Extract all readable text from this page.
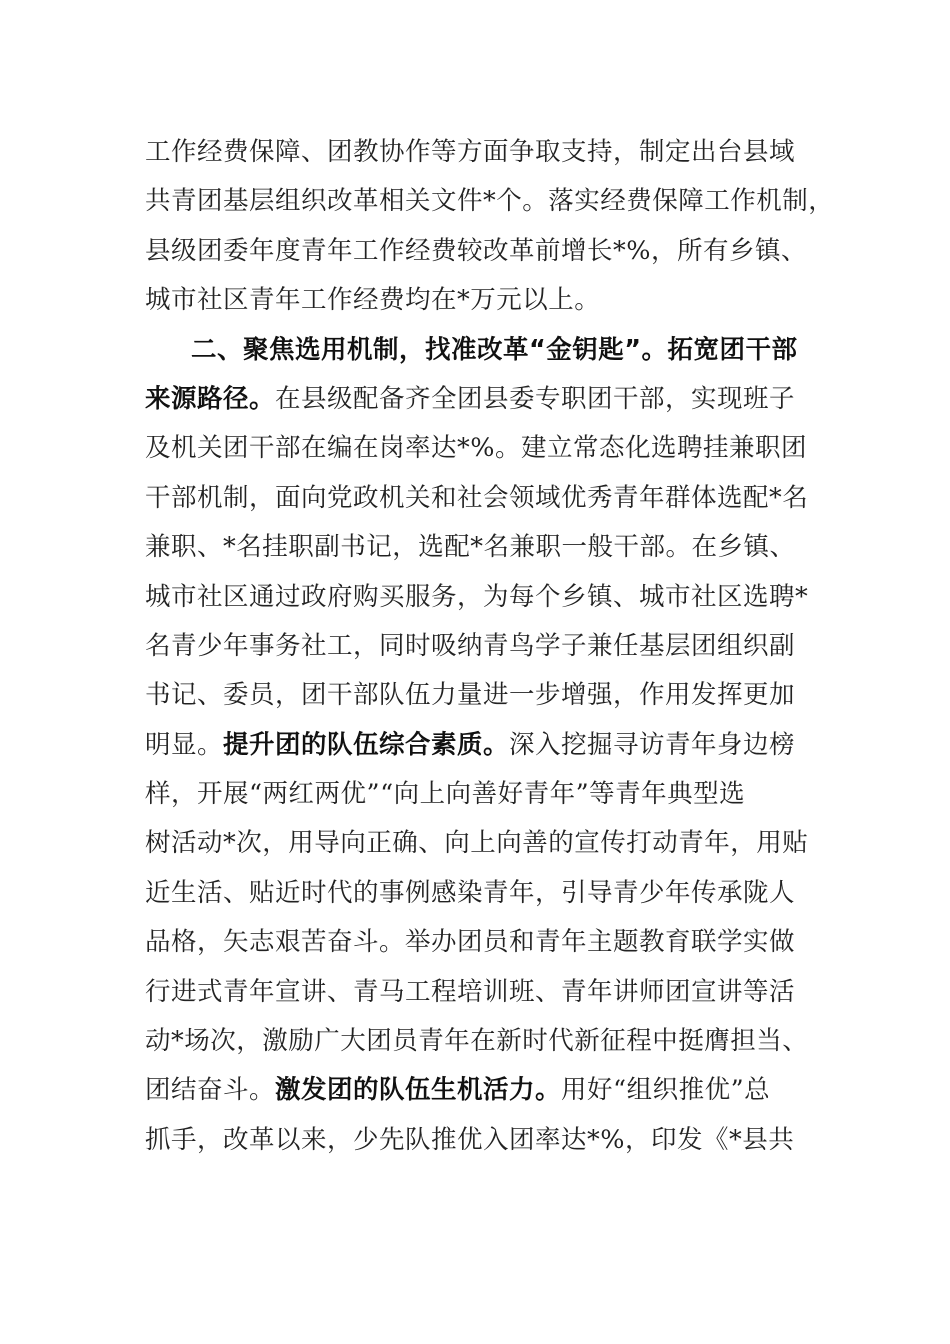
工作经费保障、团教协作等方面争取支持，制定出台县域
共青团基层组织改革相关文件*个。落实经费保障工作机制，
县级团委年度青年工作经费较改革前增长*%，所有乡镇、
城市社区青年工作经费均在*万元以上。
二、聚焦选用机制，找准改革“金钥匙”。拓宽团干部
来源路径。在县级配备齐全团县委专职团干部，实现班子
及机关团干部在编在岗率达*%。建立常态化选聘挂兼职团
干部机制，面向党政机关和社会领域优秀青年群体选配*名
兼职、*名挂职副书记，选配*名兼职一般干部。在乡镇、
城市社区通过政府购买服务，为每个乡镇、城市社区选聘*
名青少年事务社工，同时吸纳青鸟学子兼任基层团组织副
书记、委员，团干部队伍力量进一步增强，作用发挥更加
明显。提升团的队伍综合素质。深入挖掘寻访青年身边榜
样，开展“两红两优”“向上向善好青年”等青年典型选
树活动*次，用导向正确、向上向善的宣传打动青年，用贴
近生活、贴近时代的事例感染青年，引导青少年传承陇人
品格，矢志艰苦奋斗。举办团员和青年主题教育联学实做
行进式青年宣讲、青马工程培训班、青年讲师团宣讲等活
动*场次，激励广大团员青年在新时代新征程中挺膺担当、
团结奋斗。激发团的队伍生机活力。用好“组织推优”总
抓手，改革以来，少先队推优入团率达*%，印发《*县共
